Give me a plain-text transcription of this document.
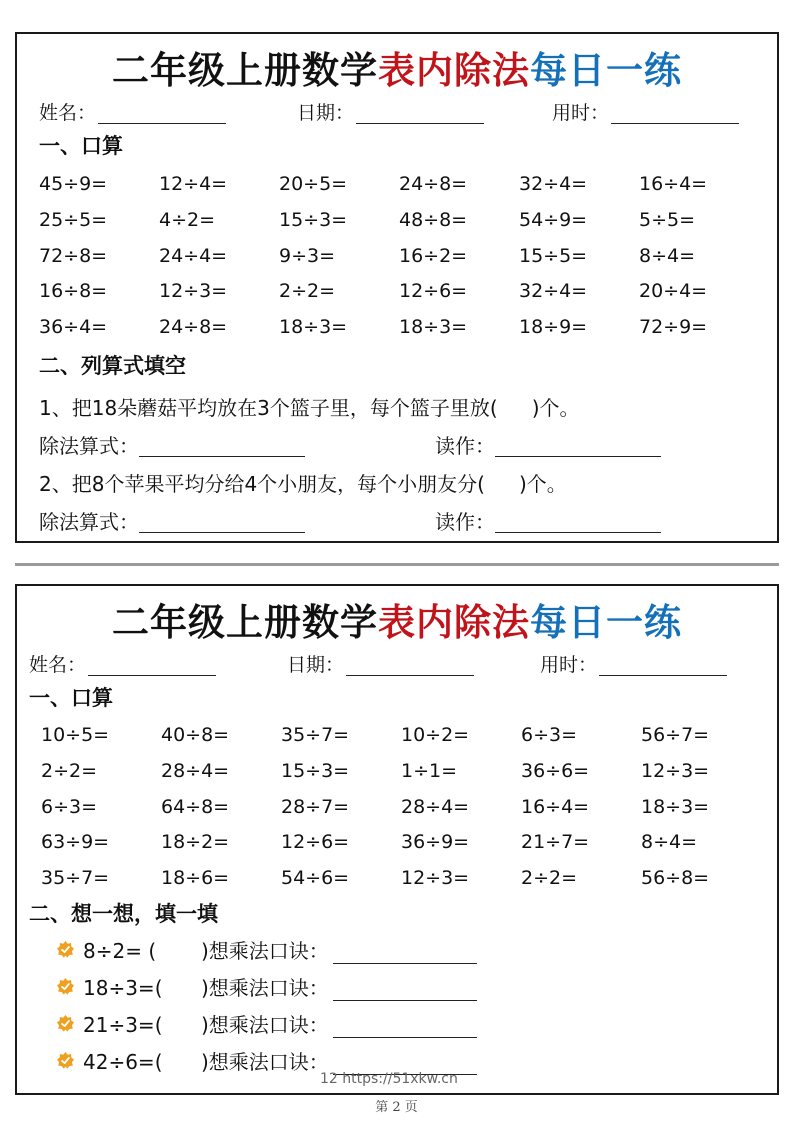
二年级上册数学表内除法每日一练
姓名：	日期：	用时：
一、口算
45÷9=	12÷4=	20÷5=	24÷8=	32÷4=	16÷4=
25÷5=	4÷2=	15÷3=	48÷8=	54÷9=	5÷5=
72÷8=	24÷4=	9÷3=	16÷2=	15÷5=	8÷4=
16÷8=	12÷3=	2÷2=	12÷6=	32÷4=	20÷4=
36÷4=	24÷8=	18÷3=	18÷3=	18÷9=	72÷9=
二、列算式填空
1、把18朵蘑菇平均放在3个篮子里，每个篮子里放( )个。
除法算式：	读作：
2、把8个苹果平均分给4个小朋友，每个小朋友分( )个。
除法算式：	读作：
二年级上册数学表内除法每日一练
姓名：	日期：	用时：
一、口算
10÷5=	40÷8=	35÷7=	10÷2=	6÷3=	56÷7=
2÷2=	28÷4=	15÷3=	1÷1=	36÷6=	12÷3=
6÷3=	64÷8=	28÷7=	28÷4=	16÷4=	18÷3=
63÷9=	18÷2=	12÷6=	36÷9=	21÷7=	8÷4=
35÷7=	18÷6=	54÷6=	12÷3=	2÷2=	56÷8=
二、想一想，填一填
8÷2= ( )想乘法口诀：
18÷3=( )想乘法口诀：
21÷3=( )想乘法口诀：
42÷6=( )想乘法口诀：
12 https://51xkw.cn
第 2 页
